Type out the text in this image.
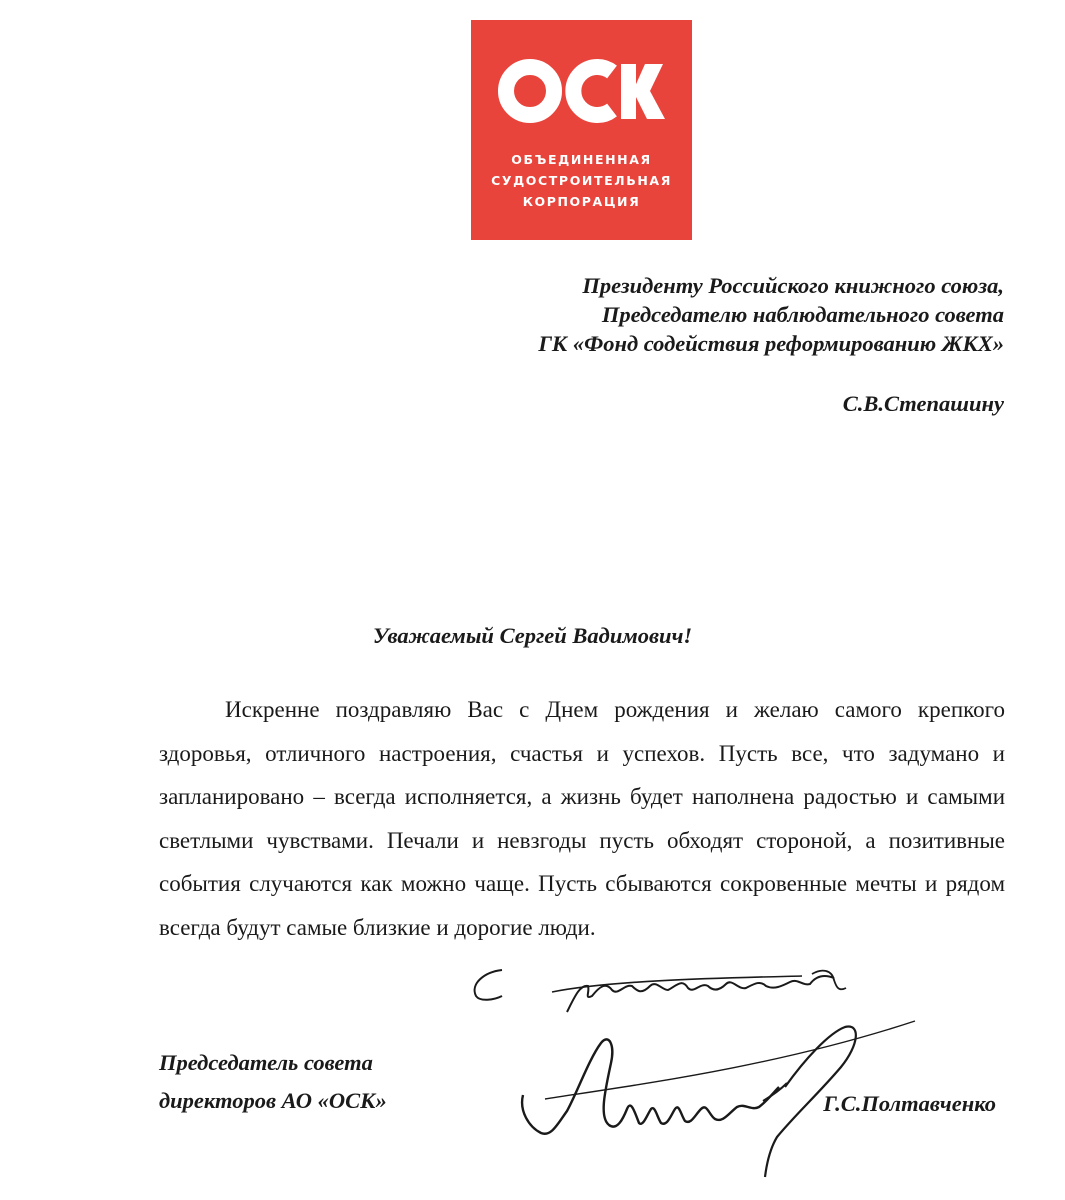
ОБЪЕДИНЕННАЯ
СУДОСТРОИТЕЛЬНАЯ
КОРПОРАЦИЯ
Президенту Российского книжного союза,
Председателю наблюдательного совета
ГК «Фонд содействия реформированию ЖКХ»
С.В.Степашину
Уважаемый Сергей Вадимович!
Искренне поздравляю Вас с Днем рождения и желаю самого крепкого здоровья, отличного настроения, счастья и успехов. Пусть все, что задумано и запланировано – всегда исполняется, а жизнь будет наполнена радостью и самыми светлыми чувствами. Печали и невзгоды пусть обходят стороной, а позитивные события случаются как можно чаще. Пусть сбываются сокровенные мечты и рядом всегда будут самые близкие и дорогие люди.
Председатель совета
директоров АО «ОСК»	Г.С.Полтавченко
